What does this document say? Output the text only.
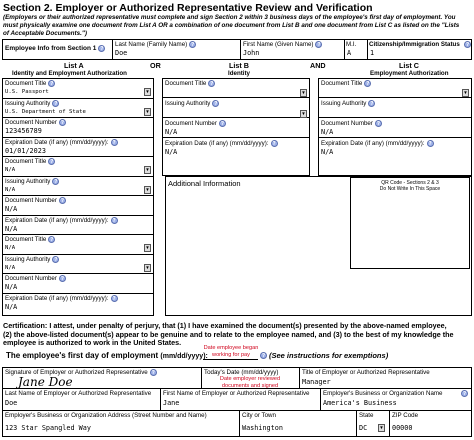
Section 2. Employer or Authorized Representative Review and Verification
(Employers or their authorized representative must complete and sign Section 2 within 3 business days of the employee's first day of employment. You
must physically examine one document from List A OR a combination of one document from List B and one document from List C as listed on the "Lists
of Acceptable Documents.")
Employee Info from Section 1 ?
Last Name (Family Name) ?
Doe
First Name (Given Name) ?
John
M.I.
A
Citizenship/Immigration Status	?
1
List A
Identity and Employment Authorization
OR	List B
Identity
AND	List C
Employment Authorization
Document Title ?
U.S. Passport	▼
Issuing Authority ?
U.S. Department of State	▼
Document Number ?
123456789
Expiration Date (if any) (mm/dd/yyyy): ?
01/01/2023
Document Title ?
N/A	▼
Issuing Authority ?
N/A	▼
Document Number ?
N/A
Expiration Date (if any) (mm/dd/yyyy): ?
N/A
Document Title ?
N/A	▼
Issuing Authority ?
N/A	▼
Document Number ?
N/A
Expiration Date (if any) (mm/dd/yyyy): ?
N/A
Document Title ?
▼
Issuing Authority ?
▼
Document Number ?
N/A
Expiration Date (if any) (mm/dd/yyyy): ?
N/A
Document Title ?
▼
Issuing Authority ?
Document Number ?
N/A
Expiration Date (if any) (mm/dd/yyyy): ?
N/A
Additional Information	QR Code - Sections 2 & 3
Do Not Write In This Space
Certification: I attest, under penalty of perjury, that (1) I have examined the document(s) presented by the above-named employee,
(2) the above-listed document(s) appear to be genuine and to relate to the employee named, and (3) to the best of my knowledge the
employee is authorized to work in the United States.
The employee's first day of employment (mm/dd/yyyy):
Date employee began
working for pay	? (See instructions for exemptions)
Signature of Employer or Authorized Representative ?
Jane Doe
Today's Date (mm/dd/yyyy)
Date employer reviewed
documents and signed
Title of Employer or Authorized Representative
Manager
Last Name of Employer or Authorized Representative
Doe
First Name of Employer or Authorized Representative
Jane
Employer's Business or Organization Name	?
America's Business
Employer's Business or Organization Address (Street Number and Name)
123 Star Spangled Way
City or Town
Washington
State
DC	▼
ZIP Code
00000
